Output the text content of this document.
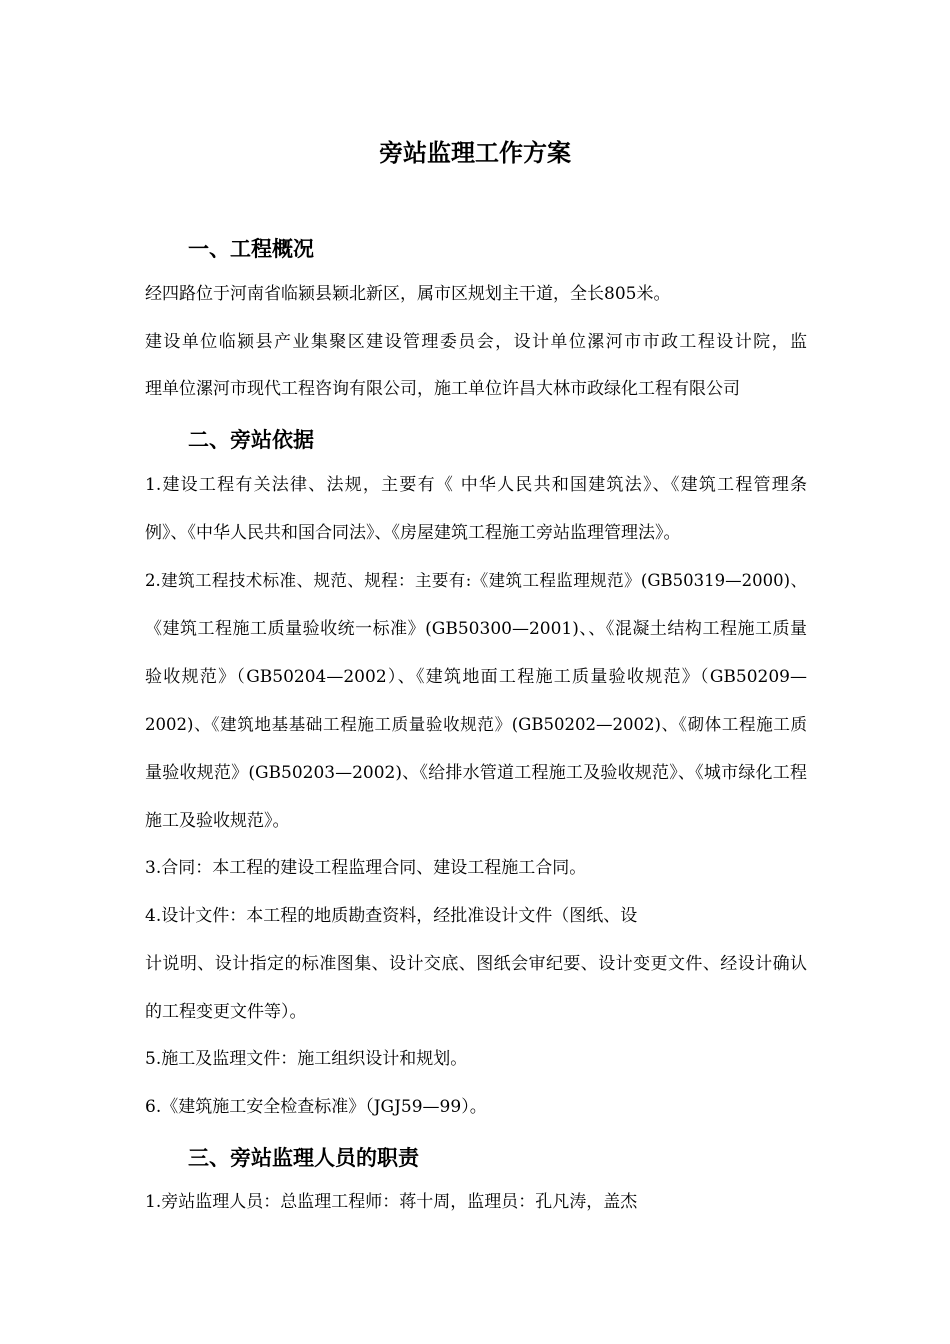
旁站监理工作方案
一、工程概况
经四路位于河南省临颍县颖北新区，属市区规划主干道，全长805米。
建设单位临颍县产业集聚区建设管理委员会，设计单位漯河市市政工程设计院，监
理单位漯河市现代工程咨询有限公司，施工单位许昌大林市政绿化工程有限公司
二、旁站依据
1.建设工程有关法律、法规，主要有《 中华人民共和国建筑法》、《建筑工程管理条
例》、《中华人民共和国合同法》、《房屋建筑工程施工旁站监理管理法》。
2.建筑工程技术标准、规范、规程：主要有:《建筑工程监理规范》(GB50319—2000)、
《建筑工程施工质量验收统一标准》(GB50300—2001)、、《混凝土结构工程施工质量
验收规范》（GB50204—2002）、《建筑地面工程施工质量验收规范》（GB50209—
2002)、《建筑地基基础工程施工质量验收规范》(GB50202—2002)、《砌体工程施工质
量验收规范》(GB50203—2002)、《给排水管道工程施工及验收规范》、《城市绿化工程
施工及验收规范》。
3.合同：本工程的建设工程监理合同、建设工程施工合同。
4.设计文件：本工程的地质勘查资料，经批准设计文件（图纸、设
计说明、设计指定的标准图集、设计交底、图纸会审纪要、设计变更文件、经设计确认
的工程变更文件等）。
5.施工及监理文件：施工组织设计和规划。
6.《建筑施工安全检查标准》（JGJ59—99）。
三、旁站监理人员的职责
1.旁站监理人员：总监理工程师：蒋十周，监理员：孔凡涛，盖杰
